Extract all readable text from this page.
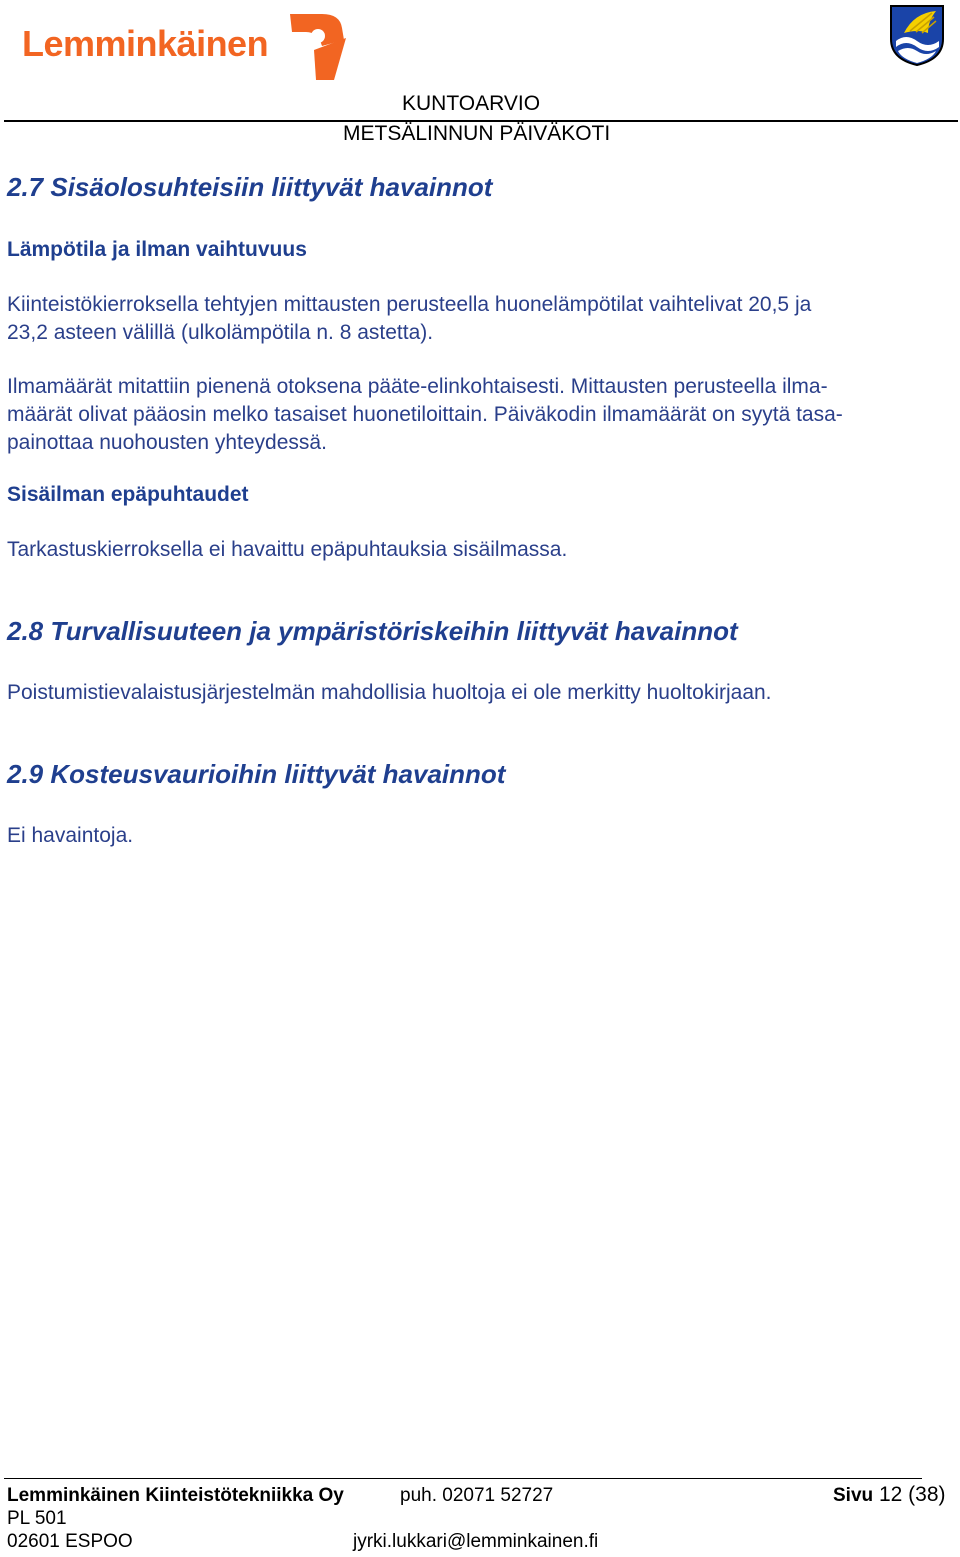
Lemminkäinen
KUNTOARVIO
METSÄLINNUN PÄIVÄKOTI
2.7 Sisäolosuhteisiin liittyvät havainnot
Lämpötila ja ilman vaihtuvuus
Kiinteistökierroksella tehtyjen mittausten perusteella huonelämpötilat vaihtelivat 20,5 ja
23,2 asteen välillä (ulkolämpötila n. 8 astetta).
Ilmamäärät mitattiin pienenä otoksena pääte-elinkohtaisesti. Mittausten perusteella ilma-
määrät olivat pääosin melko tasaiset huonetiloittain. Päiväkodin ilmamäärät on syytä tasa-
painottaa nuohousten yhteydessä.
Sisäilman epäpuhtaudet
Tarkastuskierroksella ei havaittu epäpuhtauksia sisäilmassa.
2.8 Turvallisuuteen ja ympäristöriskeihin liittyvät havainnot
Poistumistievalaistusjärjestelmän mahdollisia huoltoja ei ole merkitty huoltokirjaan.
2.9 Kosteusvaurioihin liittyvät havainnot
Ei havaintoja.
Lemminkäinen Kiinteistötekniikka Oy	puh. 02071 52727	Sivu 12 (38)
PL 501
02601 ESPOO	jyrki.lukkari@lemminkainen.fi
